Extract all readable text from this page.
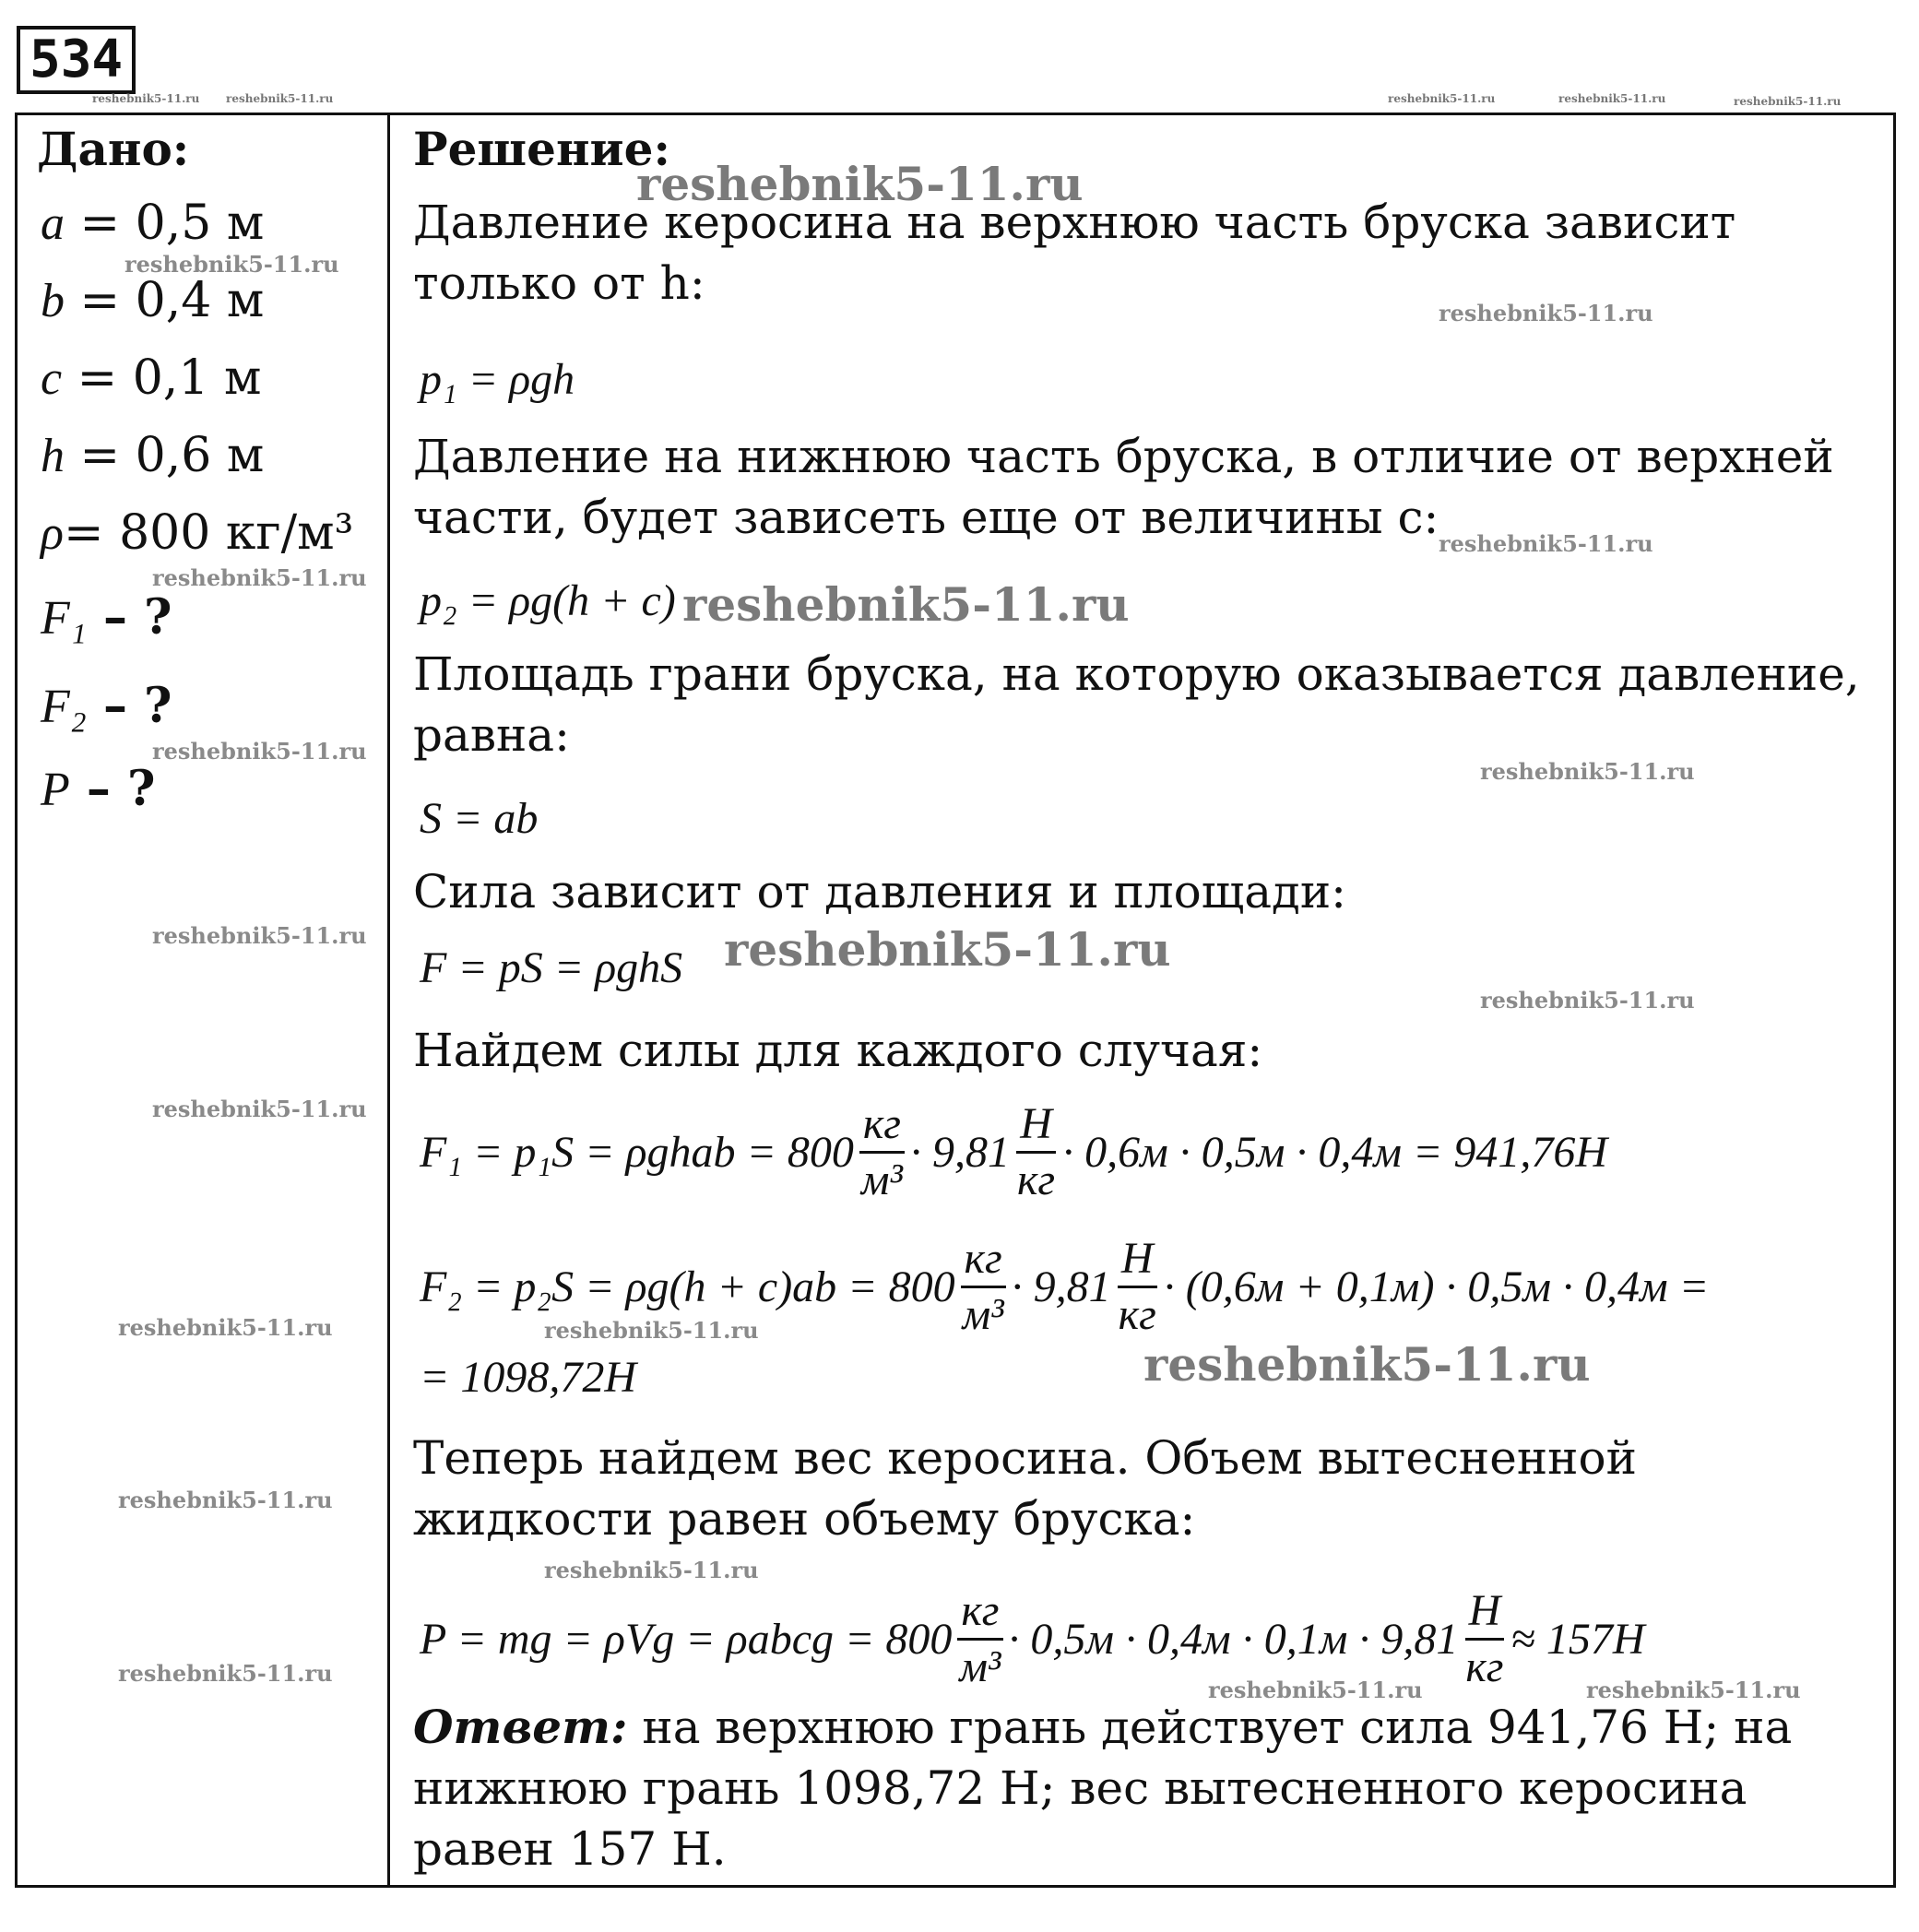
534
reshebnik5-11.ru reshebnik5-11.ru	reshebnik5-11.ru	reshebnik5-11.ru	reshebnik5-11.ru
Дано:
a = 0,5 м
b = 0,4 м
c = 0,1 м
h = 0,6 м
ρ= 800 кг/м³
F₁ – ?
F₂ – ?
P – ?
Решение:
Давление керосина на верхнюю часть бруска зависит только от h:
p₁ = ρgh
Давление на нижнюю часть бруска, в отличие от верхней части, будет зависеть еще от величины c:
p₂ = ρg(h + c)
Площадь грани бруска, на которую оказывается давление, равна:
S = ab
Сила зависит от давления и площади:
F = pS = ρghS
Найдем силы для каждого случая:
F₁ = p₁S = ρghab = $800 \frac{кг}{\text{м³}} \cdot 9,81 \frac{Н}{кг} \cdot 0,6м \cdot 0,5м \cdot 0,4м = 941,76Н$
$F_2 = p_2S = \rho g(h + c)ab = 800 \frac{кг}{\text{м³}} \cdot 9,81 \frac{Н}{кг} \cdot (0,6м + 0,1м) \cdot 0,5м \cdot 0,4м$ =
= 1098,72Н
Теперь найдем вес керосина. Объем вытесненной жидкости равен объему бруска:
P = mg = ρVg = ρabcg = $800 \frac{кг}{\text{м³}} \cdot 0,5м \cdot 0,4м \cdot 0,1м \cdot 9,81 \frac{Н}{кг} \approx 157Н$
Ответ: на верхнюю грань действует сила 941,76 Н; на нижнюю грань 1098,72 Н; вес вытесненного керосина равен 157 Н.
reshebnik5-11.ru
reshebnik5-11.ru
reshebnik5-11.ru
reshebnik5-11.ru
reshebnik5-11.ru	reshebnik5-11.ru
reshebnik5-11.ru
reshebnik5-11.ru
reshebnik5-11.ru	reshebnik5-11.ru
reshebnik5-11.ru
reshebnik5-11.ru
reshebnik5-11.ru	reshebnik5-11.ru
reshebnik5-11.ru
reshebnik5-11.ru
reshebnik5-11.ru
reshebnik5-11.ru
reshebnik5-11.ru	reshebnik5-11.ru
